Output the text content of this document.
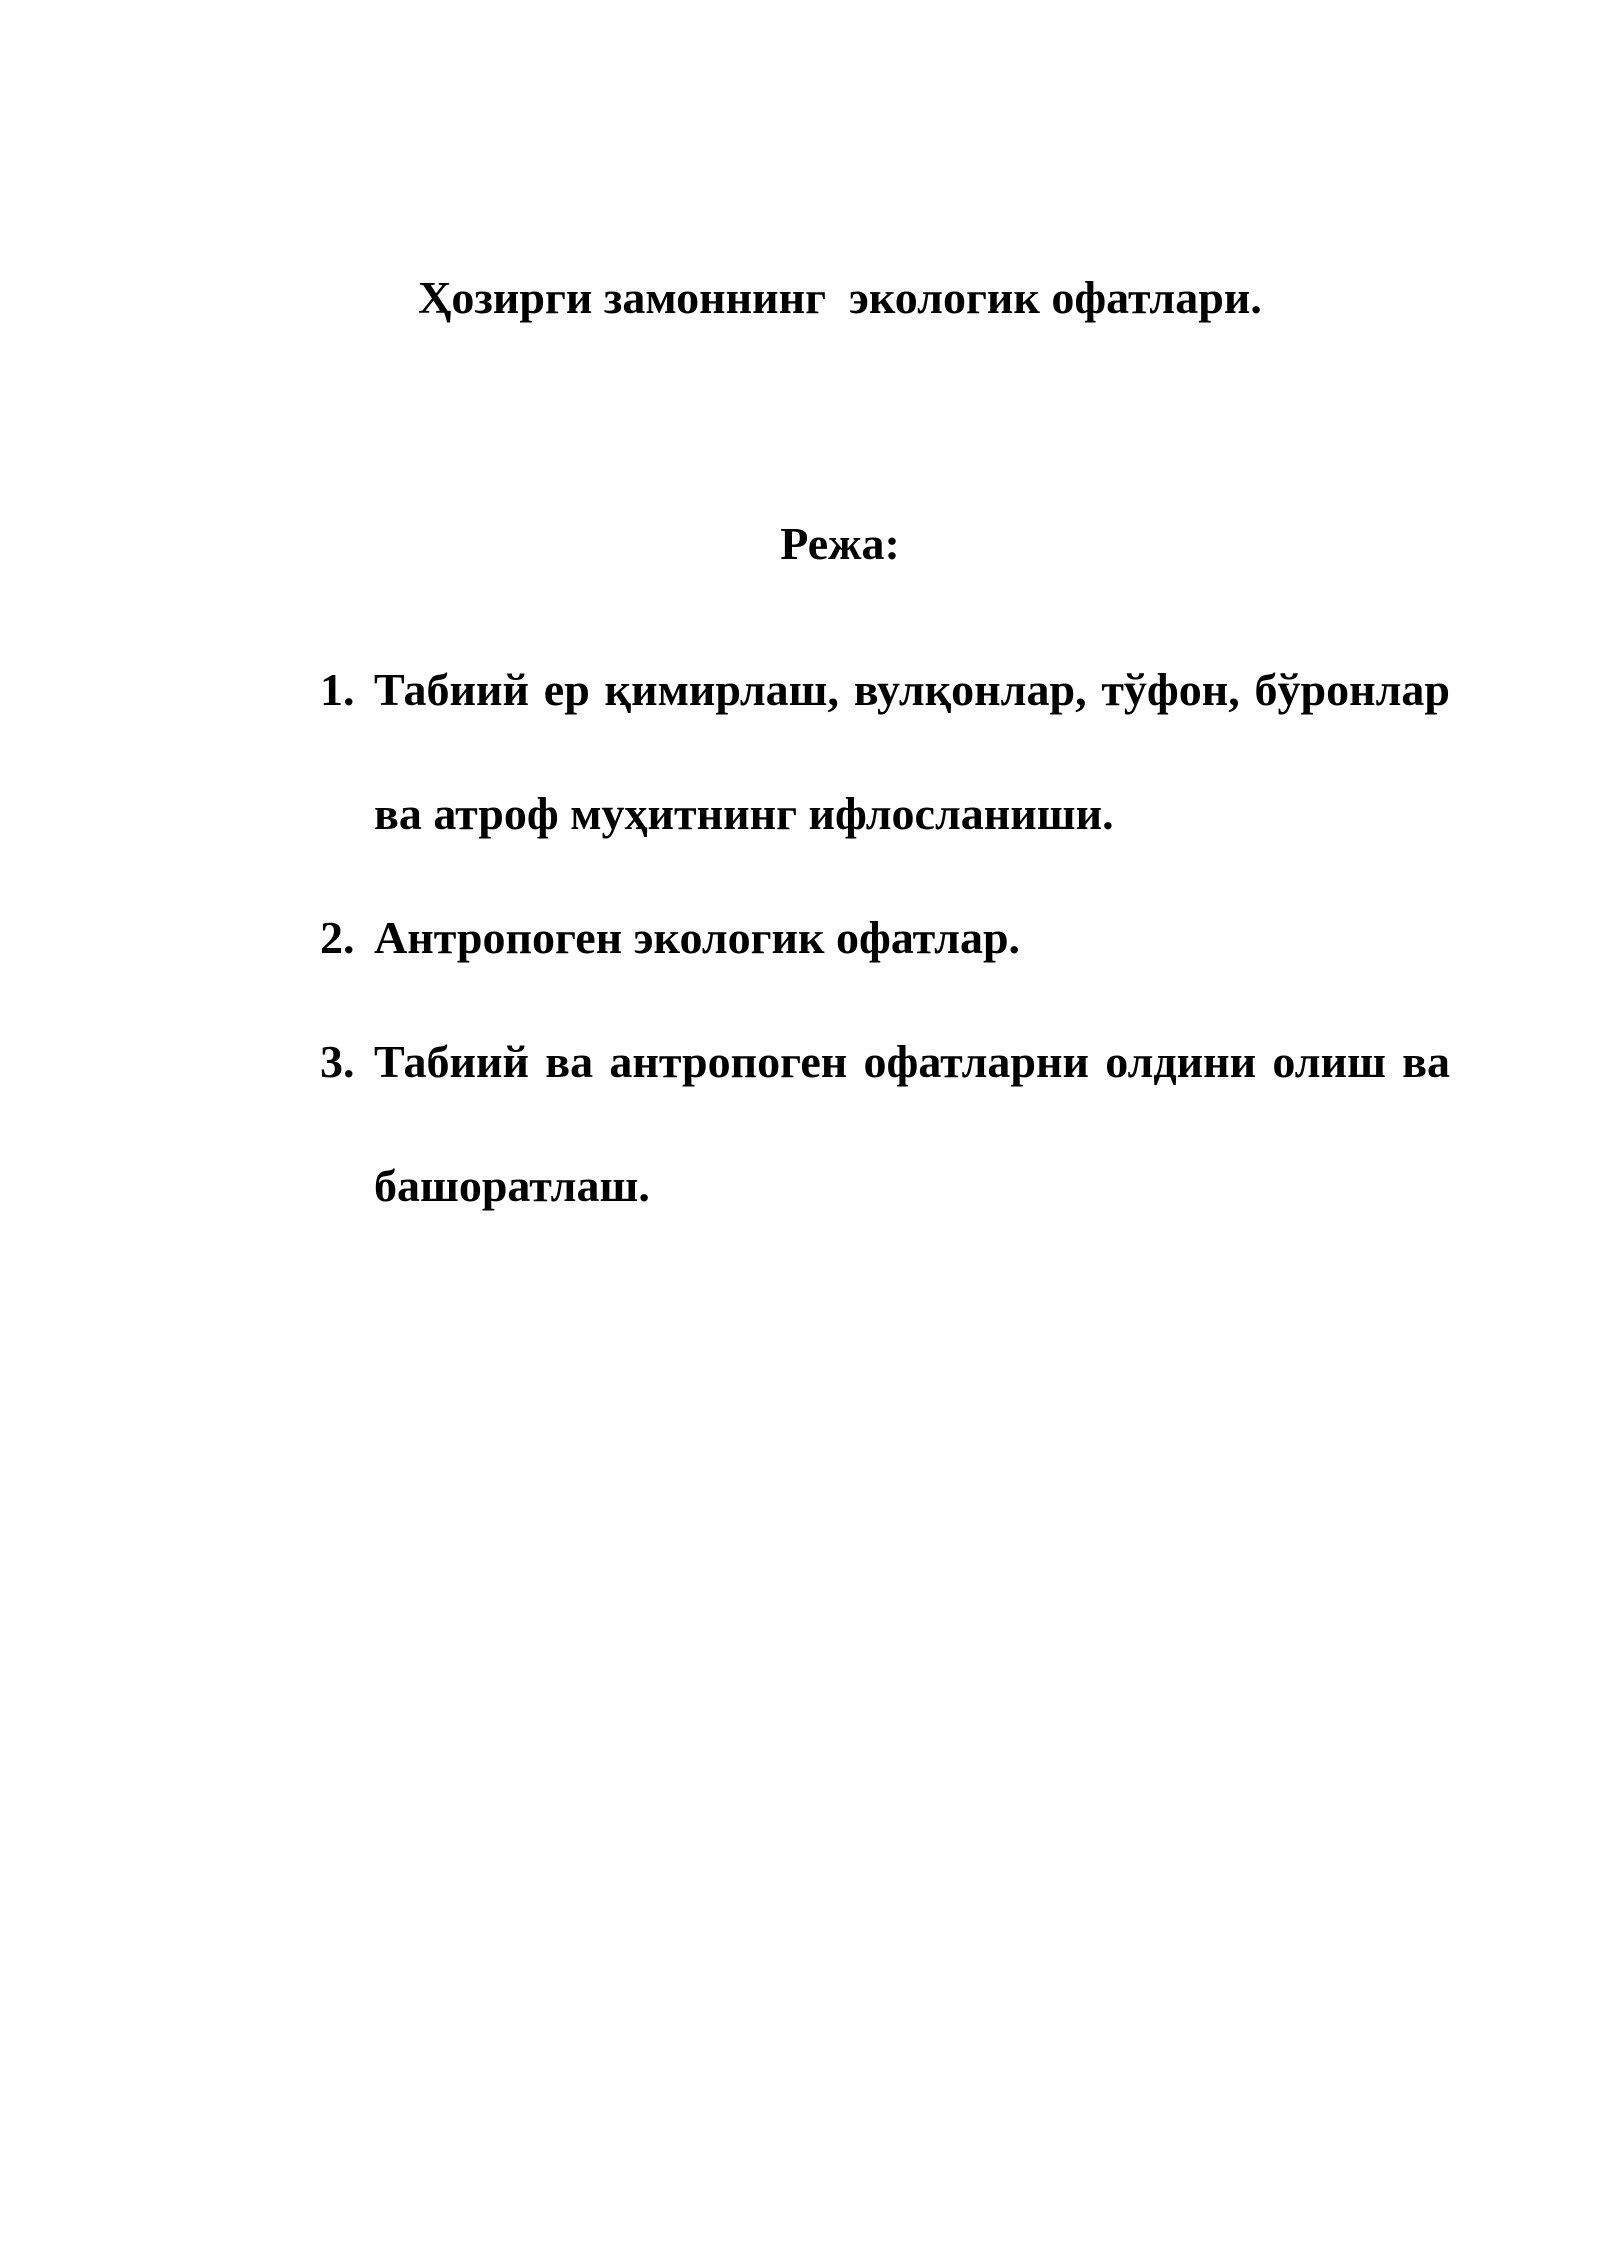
Ҳозирги замоннинг  экологик офатлари.
Режа:
1. Табиий ер қимирлаш, вулқонлар, тўфон, бўронлар ва атроф муҳитнинг ифлосланиши.
2. Антропоген экологик офатлар.
3. Табиий ва антропоген офатларни олдини олиш ва башоратлаш.
